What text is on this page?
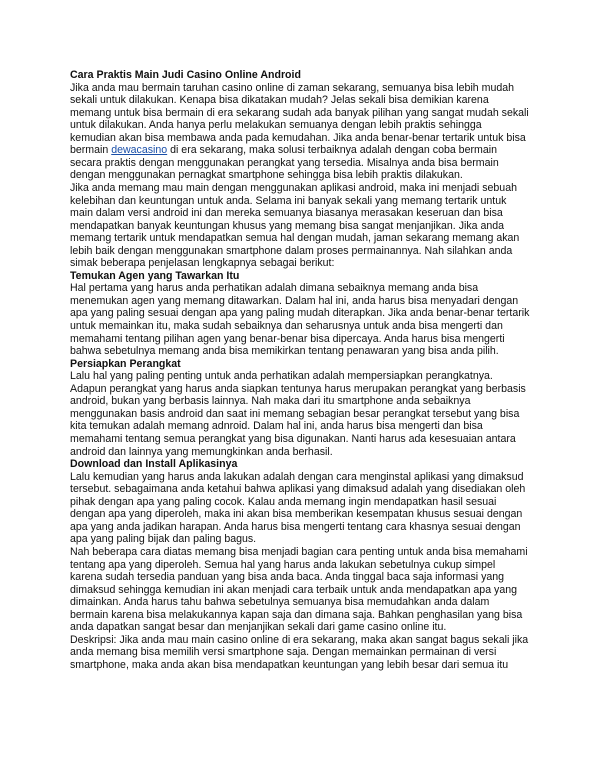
Cara Praktis Main Judi Casino Online Android

Jika anda mau bermain taruhan casino online di zaman sekarang, semuanya bisa lebih mudah sekali untuk dilakukan. Kenapa bisa dikatakan mudah? Jelas sekali bisa demikian karena memang untuk bisa bermain di era sekarang sudah ada banyak pilihan yang sangat mudah sekali untuk dilakukan. Anda hanya perlu melakukan semuanya dengan lebih praktis sehingga kemudian akan bisa membawa anda pada kemudahan. Jika anda benar-benar tertarik untuk bisa bermain dewacasino di era sekarang, maka solusi terbaiknya adalah dengan coba bermain secara praktis dengan menggunakan perangkat yang tersedia. Misalnya anda bisa bermain dengan menggunakan pernagkat smartphone sehingga bisa lebih praktis dilakukan.

Jika anda memang mau main dengan menggunakan aplikasi android, maka ini menjadi sebuah kelebihan dan keuntungan untuk anda. Selama ini banyak sekali yang memang tertarik untuk main dalam versi android ini dan mereka semuanya biasanya merasakan keseruan dan bisa mendapatkan banyak keuntungan khusus yang memang bisa sangat menjanjikan. Jika anda memang tertarik untuk mendapatkan semua hal dengan mudah, jaman sekarang memang akan lebih baik dengan menggunakan smartphone dalam proses permainannya. Nah silahkan anda simak beberapa penjelasan lengkapnya sebagai berikut:

Temukan Agen yang Tawarkan Itu

Hal pertama yang harus anda perhatikan adalah dimana sebaiknya memang anda bisa menemukan agen yang memang ditawarkan. Dalam hal ini, anda harus bisa menyadari dengan apa yang paling sesuai dengan apa yang paling mudah diterapkan. Jika anda benar-benar tertarik untuk memainkan itu, maka sudah sebaiknya dan seharusnya untuk anda bisa mengerti dan memahami tentang pilihan agen yang benar-benar bisa dipercaya. Anda harus bisa mengerti bahwa sebetulnya memang anda bisa memikirkan tentang penawaran yang bisa anda pilih.

Persiapkan Perangkat

Lalu hal yang paling penting untuk anda perhatikan adalah mempersiapkan perangkatnya. Adapun perangkat yang harus anda siapkan tentunya harus merupakan perangkat yang berbasis android, bukan yang berbasis lainnya. Nah maka dari itu smartphone anda sebaiknya menggunakan basis android dan saat ini memang sebagian besar perangkat tersebut yang bisa kita temukan adalah memang adnroid. Dalam hal ini, anda harus bisa mengerti dan bisa memahami tentang semua perangkat yang bisa digunakan. Nanti harus ada kesesuaian antara android dan lainnya yang memungkinkan anda berhasil.

Download dan Install Aplikasinya

Lalu kemudian yang harus anda lakukan adalah dengan cara menginstal aplikasi yang dimaksud tersebut. sebagaimana anda ketahui bahwa aplikasi yang dimaksud adalah yang disediakan oleh pihak dengan apa yang paling cocok. Kalau anda memang ingin mendapatkan hasil sesuai dengan apa yang diperoleh, maka ini akan bisa memberikan kesempatan khusus sesuai dengan apa yang anda jadikan harapan. Anda harus bisa mengerti tentang cara khasnya sesuai dengan apa yang paling bijak dan paling bagus.

Nah beberapa cara diatas memang bisa menjadi bagian cara penting untuk anda bisa memahami tentang apa yang diperoleh. Semua hal yang harus anda lakukan sebetulnya cukup simpel karena sudah tersedia panduan yang bisa anda baca. Anda tinggal baca saja informasi yang dimaksud sehingga kemudian ini akan menjadi cara terbaik untuk anda mendapatkan apa yang dimainkan. Anda harus tahu bahwa sebetulnya semuanya bisa memudahkan anda dalam bermain karena bisa melakukannya kapan saja dan dimana saja. Bahkan penghasilan yang bisa anda dapatkan sangat besar dan menjanjikan sekali dari game casino online itu.

Deskripsi: Jika anda mau main casino online di era sekarang, maka akan sangat bagus sekali jika anda memang bisa memilih versi smartphone saja. Dengan memainkan permainan di versi smartphone, maka anda akan bisa mendapatkan keuntungan yang lebih besar dari semua itu
